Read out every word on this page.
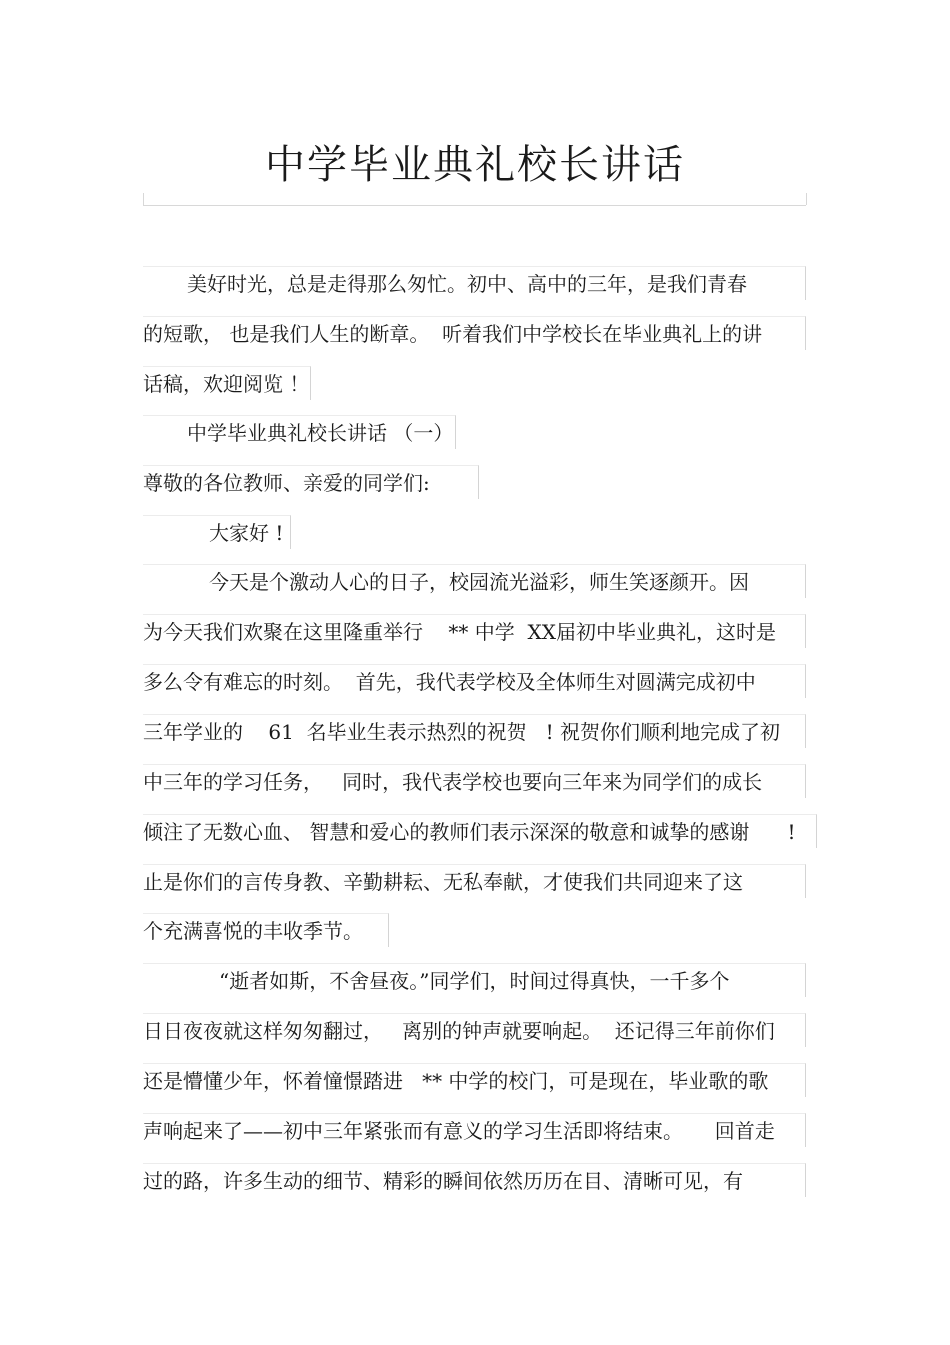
中学毕业典礼校长讲话
美好时光，总是走得那么匆忙。初中、高中的三年，是我们青春
的短歌， 也是我们人生的断章。  听着我们中学校长在毕业典礼上的讲
话稿，欢迎阅览 ！
中学毕业典礼校长讲话 （一）
尊敬的各位教师、亲爱的同学们:
大家好 !
今天是个激动人心的日子，校园流光溢彩，师生笑逐颜开。因
为今天我们欢聚在这里隆重举行    ** 中学  XX届初中毕业典礼，这时是
多么令有难忘的时刻。  首先，我代表学校及全体师生对圆满完成初中
三年学业的    61  名毕业生表示热烈的祝贺   ! 祝贺你们顺利地完成了初
中三年的学习任务，   同时，我代表学校也要向三年来为同学们的成长
倾注了无数心血、 智慧和爱心的教师们表示深深的敬意和诚挚的感谢      !
止是你们的言传身教、辛勤耕耘、无私奉献，才使我们共同迎来了这
个充满喜悦的丰收季节。
“逝者如斯，不舍昼夜。”同学们，时间过得真快，一千多个
日日夜夜就这样匆匆翻过，   离别的钟声就要响起。  还记得三年前你们
还是懵懂少年，怀着憧憬踏进   ** 中学的校门，可是现在，毕业歌的歌
声响起来了——初中三年紧张而有意义的学习生活即将结束。     回首走
过的路，许多生动的细节、精彩的瞬间依然历历在目、清晰可见，有
